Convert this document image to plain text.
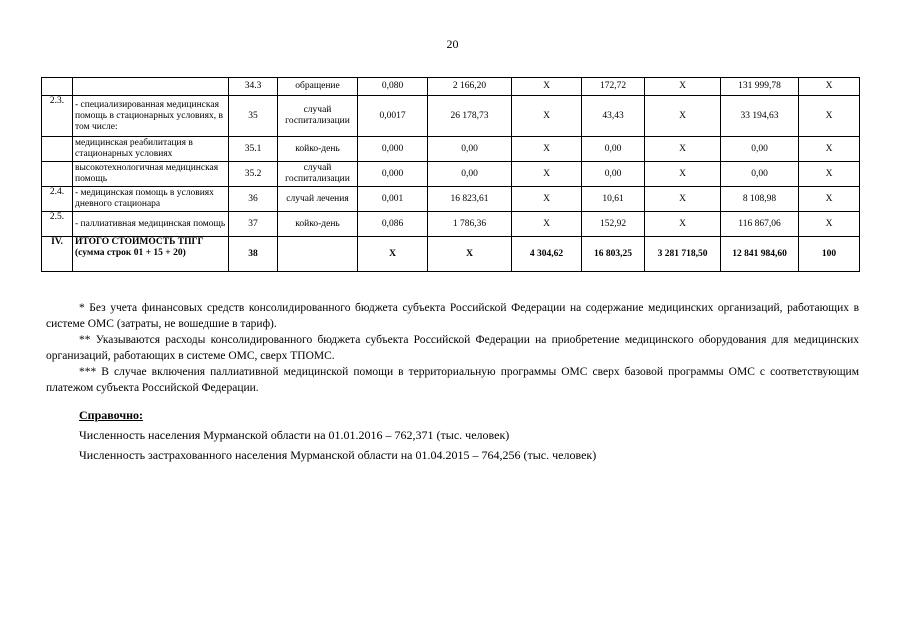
20
		34.3	обращение	0,080	2 166,20	X	172,72	X	131 999,78	X
2.3.	- специализированная медицинская помощь в стационарных условиях, в том числе:	35	случай госпитализации	0,0017	26 178,73	X	43,43	X	33 194,63	X
	медицинская реабилитация в стационарных условиях	35.1	койко-день	0,000	0,00	X	0,00	X	0,00	X
	высокотехнологичная медицинская помощь	35.2	случай госпитализации	0,000	0,00	X	0,00	X	0,00	X
2.4.	- медицинская помощь в условиях дневного стационара	36	случай лечения	0,001	16 823,61	X	10,61	X	8 108,98	X
2.5.	- паллиативная медицинская помощь	37	койко-день	0,086	1 786,36	X	152,92	X	116 867,06	X
IV.	ИТОГО СТОИМОСТЬ ТПГГ (сумма строк 01 + 15 + 20)	38		X	X	4 304,62	16 803,25	3 281 718,50	12 841 984,60	100

* Без учета финансовых средств консолидированного бюджета субъекта Российской Федерации на содержание медицинских организаций, работающих в системе ОМС (затраты, не вошедшие в тариф).

** Указываются расходы консолидированного бюджета субъекта Российской Федерации на приобретение медицинского оборудования для медицинских организаций, работающих в системе ОМС, сверх ТПОМС.

*** В случае включения паллиативной медицинской помощи в территориальную программы ОМС сверх базовой программы ОМС с соответствующим платежом субъекта Российской Федерации.

Справочно:
Численность населения Мурманской области на 01.01.2016 – 762,371 (тыс. человек)
Численность застрахованного населения Мурманской области на 01.04.2015 – 764,256 (тыс. человек)
